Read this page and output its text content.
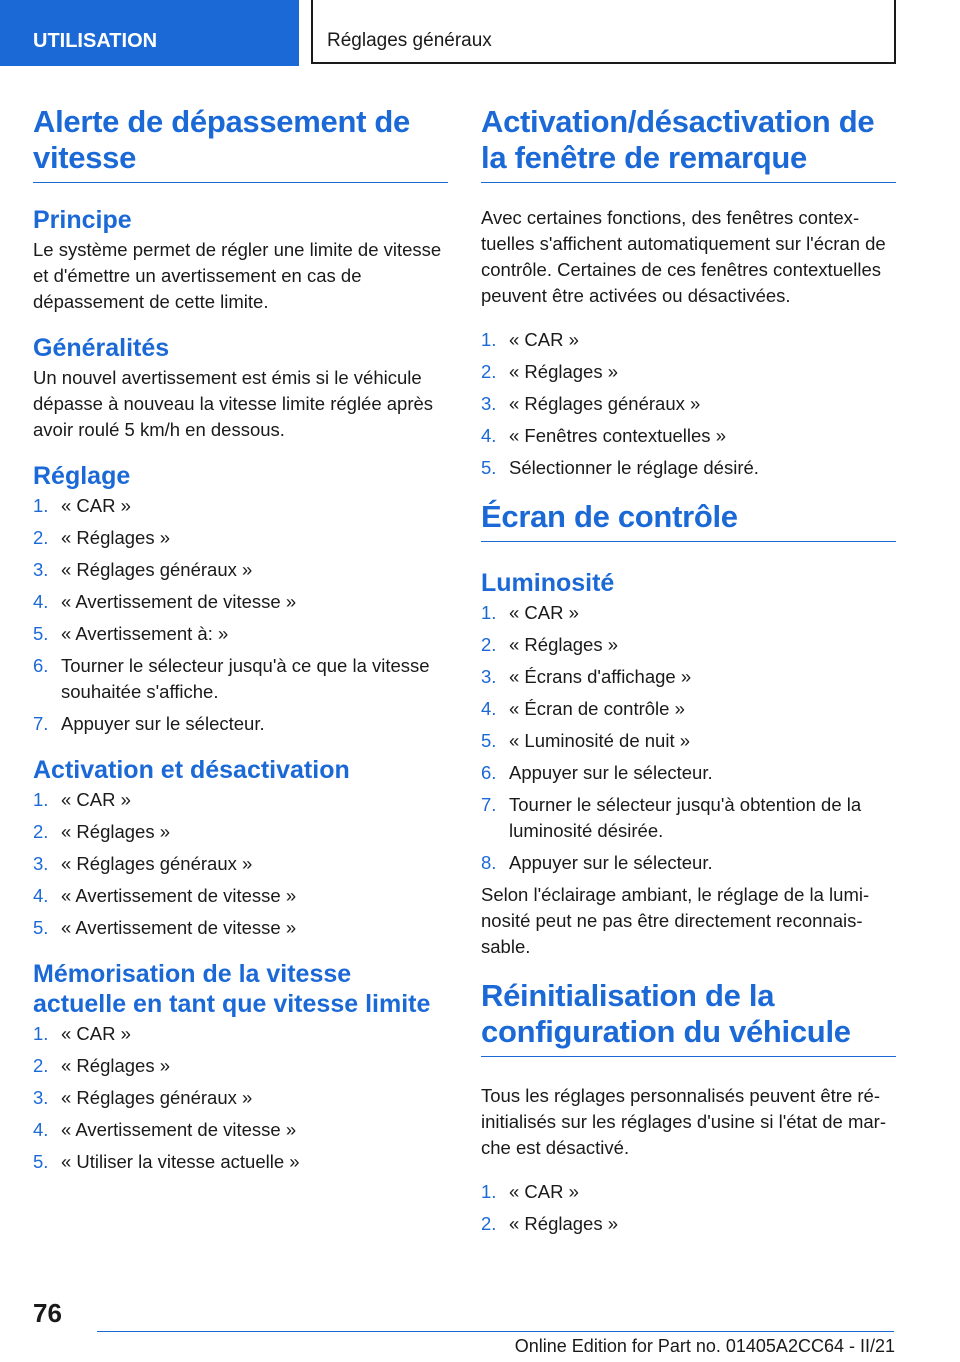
UTILISATION	Réglages généraux
Alerte de dépassement de vitesse
Principe

Le système permet de régler une limite de vitesse et d'émettre un avertissement en cas de dépassement de cette limite.

Généralités

Un nouvel avertissement est émis si le véhicule dépasse à nouveau la vitesse limite réglée après avoir roulé 5 km/h en dessous.

Réglage
1. « CAR »
2. « Réglages »
3. « Réglages généraux »
4. « Avertissement de vitesse »
5. « Avertissement à: »
6. Tourner le sélecteur jusqu'à ce que la vitesse souhaitée s'affiche.
7. Appuyer sur le sélecteur.
Activation et désactivation
1. « CAR »
2. « Réglages »
3. « Réglages généraux »
4. « Avertissement de vitesse »
5. « Avertissement de vitesse »
Mémorisation de la vitesse actuelle en tant que vitesse limite
1. « CAR »
2. « Réglages »
3. « Réglages généraux »
4. « Avertissement de vitesse »
5. « Utiliser la vitesse actuelle »
Activation/désactivation de la fenêtre de remarque

Avec certaines fonctions, des fenêtres contextuelles s'affichent automatiquement sur l'écran de contrôle. Certaines de ces fenêtres contextuelles peuvent être activées ou désactivées.

1. « CAR »
2. « Réglages »
3. « Réglages généraux »
4. « Fenêtres contextuelles »
5. Sélectionner le réglage désiré.
Écran de contrôle
Luminosité
1. « CAR »
2. « Réglages »
3. « Écrans d'affichage »
4. « Écran de contrôle »
5. « Luminosité de nuit »
6. Appuyer sur le sélecteur.
7. Tourner le sélecteur jusqu'à obtention de la luminosité désirée.
8. Appuyer sur le sélecteur.

Selon l'éclairage ambiant, le réglage de la luminosité peut ne pas être directement reconnaissable.

Réinitialisation de la configuration du véhicule

Tous les réglages personnalisés peuvent être réinitialisés sur les réglages d'usine si l'état de marche est désactivé.

1. « CAR »
2. « Réglages »
76
Online Edition for Part no. 01405A2CC64 - II/21
